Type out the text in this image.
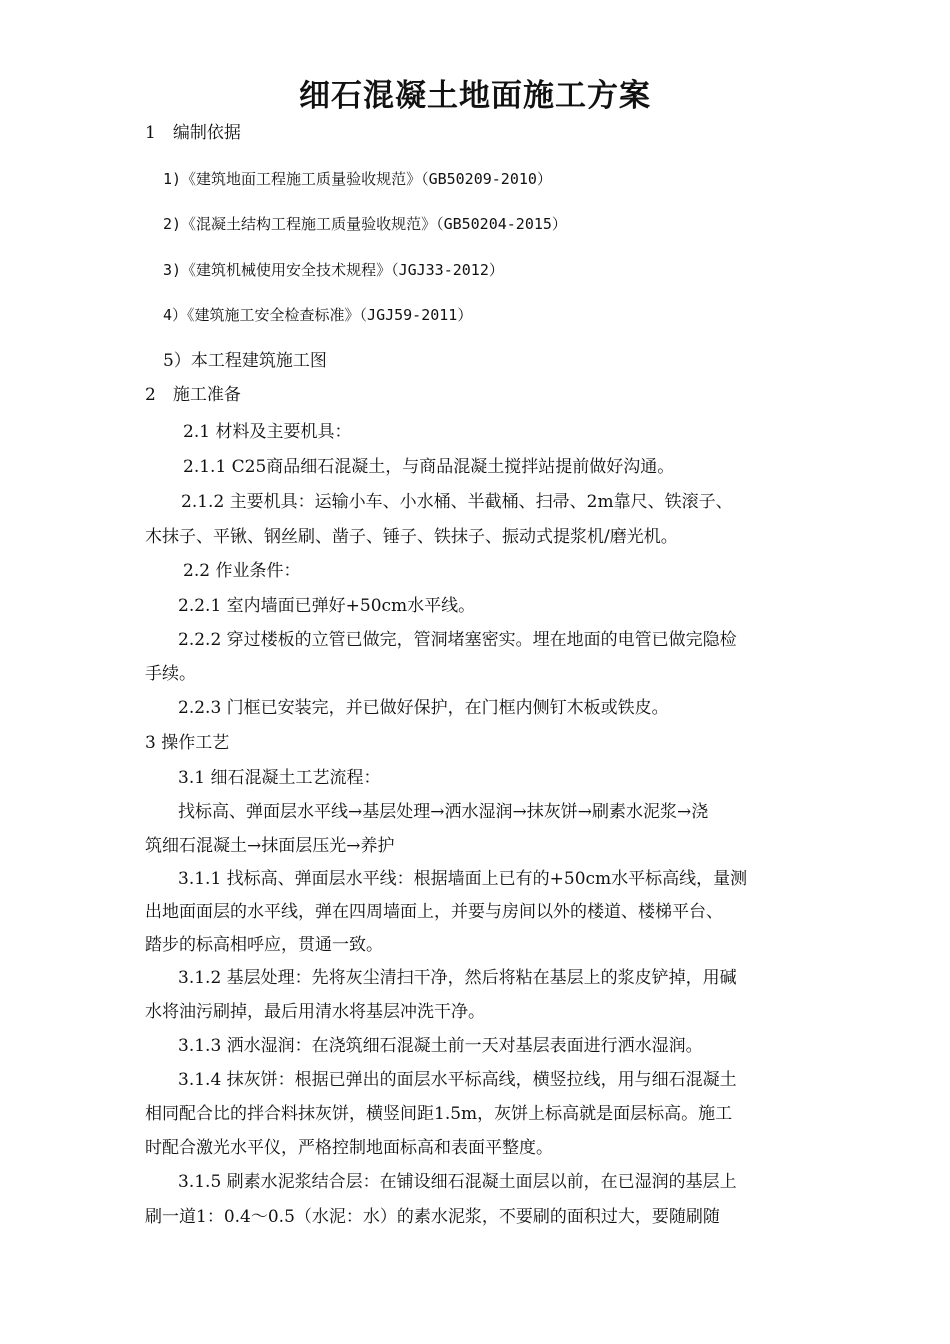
细石混凝土地面施工方案
1　编制依据
1)《建筑地面工程施工质量验收规范》（GB50209-2010）
2)《混凝土结构工程施工质量验收规范》（GB50204-2015）
3)《建筑机械使用安全技术规程》（JGJ33-2012）
4）《建筑施工安全检查标准》（JGJ59-2011）
5）本工程建筑施工图
2　施工准备
2.1 材料及主要机具：
2.1.1 C25商品细石混凝土，与商品混凝土搅拌站提前做好沟通。
2.1.2 主要机具：运输小车、小水桶、半截桶、扫帚、2m靠尺、铁滚子、
木抹子、平锹、钢丝刷、凿子、锤子、铁抹子、振动式提浆机/磨光机。
2.2 作业条件：
2.2.1 室内墙面已弹好+50cm水平线。
2.2.2 穿过楼板的立管已做完，管洞堵塞密实。埋在地面的电管已做完隐检
手续。
2.2.3 门框已安装完，并已做好保护，在门框内侧钉木板或铁皮。
3 操作工艺
3.1 细石混凝土工艺流程：
找标高、弹面层水平线→基层处理→洒水湿润→抹灰饼→刷素水泥浆→浇
筑细石混凝土→抹面层压光→养护
3.1.1 找标高、弹面层水平线：根据墙面上已有的+50cm水平标高线，量测
出地面面层的水平线，弹在四周墙面上，并要与房间以外的楼道、楼梯平台、
踏步的标高相呼应，贯通一致。
3.1.2 基层处理：先将灰尘清扫干净，然后将粘在基层上的浆皮铲掉，用碱
水将油污刷掉，最后用清水将基层冲洗干净。
3.1.3 洒水湿润：在浇筑细石混凝土前一天对基层表面进行洒水湿润。
3.1.4 抹灰饼：根据已弹出的面层水平标高线，横竖拉线，用与细石混凝土
相同配合比的拌合料抹灰饼，横竖间距1.5m，灰饼上标高就是面层标高。施工
时配合激光水平仪，严格控制地面标高和表面平整度。
3.1.5 刷素水泥浆结合层：在铺设细石混凝土面层以前，在已湿润的基层上
刷一道1：0.4～0.5（水泥：水）的素水泥浆，不要刷的面积过大，要随刷随
